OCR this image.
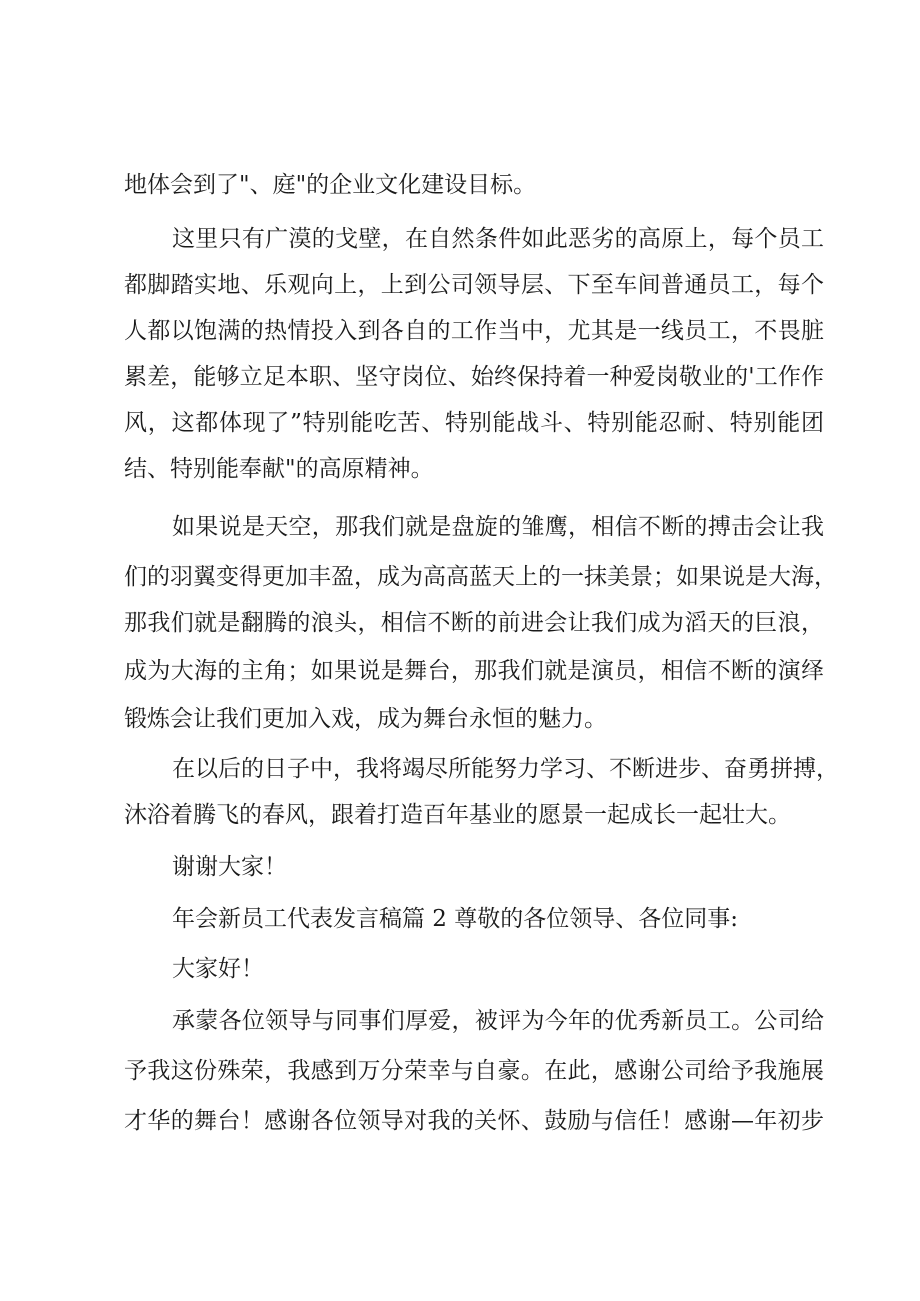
地体会到了"、庭"的企业文化建设目标。
这里只有广漠的戈壁，在自然条件如此恶劣的高原上，每个员工
都脚踏实地、乐观向上，上到公司领导层、下至车间普通员工，每个
人都以饱满的热情投入到各自的工作当中，尤其是一线员工，不畏脏
累差，能够立足本职、坚守岗位、始终保持着一种爱岗敬业的'工作作
风，这都体现了”特别能吃苦、特别能战斗、特别能忍耐、特别能团
结、特别能奉献"的高原精神。
如果说是天空，那我们就是盘旋的雏鹰，相信不断的搏击会让我
们的羽翼变得更加丰盈，成为高高蓝天上的一抹美景；如果说是大海，
那我们就是翻腾的浪头，相信不断的前进会让我们成为滔天的巨浪，
成为大海的主角；如果说是舞台，那我们就是演员，相信不断的演绎
锻炼会让我们更加入戏，成为舞台永恒的魅力。
在以后的日子中，我将竭尽所能努力学习、不断进步、奋勇拼搏，
沐浴着腾飞的春风，跟着打造百年基业的愿景一起成长一起壮大。
谢谢大家！
年会新员工代表发言稿篇 2 尊敬的各位领导、各位同事:
大家好！
承蒙各位领导与同事们厚爱，被评为今年的优秀新员工。公司给
予我这份殊荣，我感到万分荣幸与自豪。在此，感谢公司给予我施展
才华的舞台！感谢各位领导对我的关怀、鼓励与信任！感谢—年初步
